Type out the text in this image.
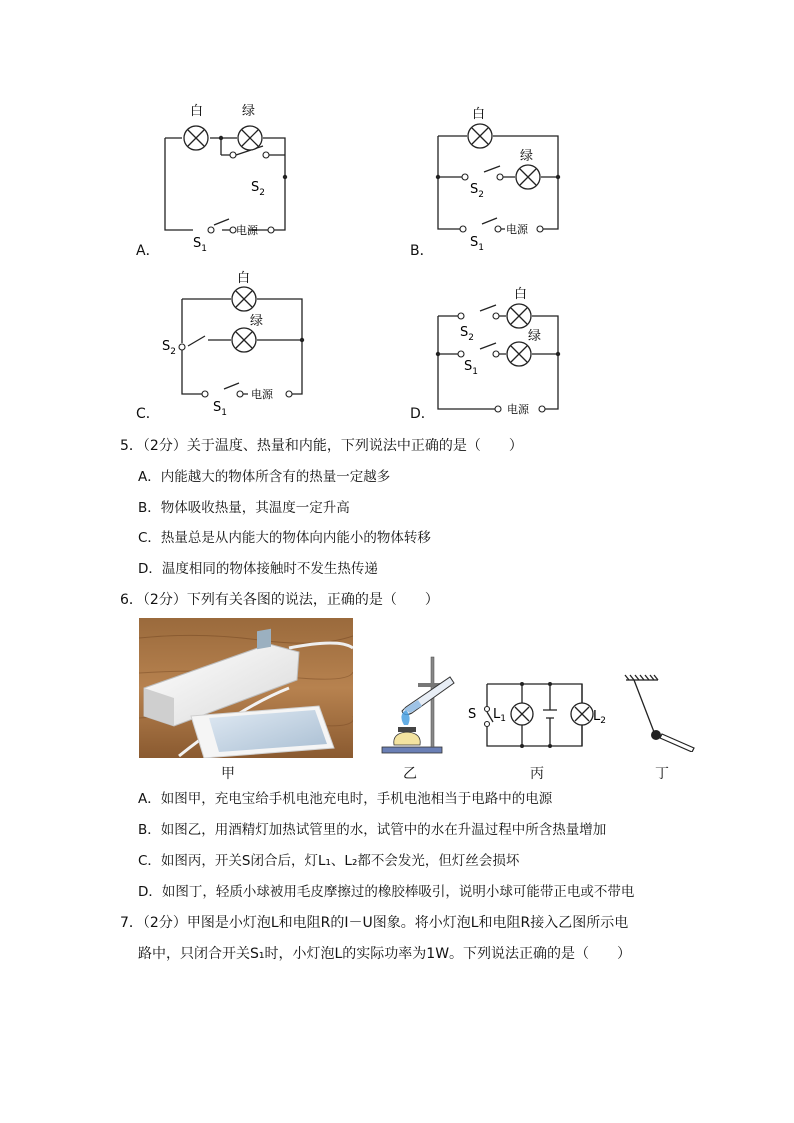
白	绿
$S_2$
$S_1$
电源
A．
白
绿
$S_2$
$S_1$
电源
B．
白
绿
$S_2$
$S_1$
电源
C．
白
绿
$S_2$
$S_1$
电源
D．
5．（2分）关于温度、热量和内能，下列说法中正确的是（　　）
A．内能越大的物体所含有的热量一定越多
B．物体吸收热量，其温度一定升高
C．热量总是从内能大的物体向内能小的物体转移
D．温度相同的物体接触时不发生热传递
6．（2分）下列有关各图的说法，正确的是（　　）
S $L_1$	$L_2$
甲	乙	丙	丁
A．如图甲，充电宝给手机电池充电时，手机电池相当于电路中的电源
B．如图乙，用酒精灯加热试管里的水，试管中的水在升温过程中所含热量增加
C．如图丙，开关S闭合后，灯L₁、L₂都不会发光，但灯丝会损坏
D．如图丁，轻质小球被用毛皮摩擦过的橡胶棒吸引，说明小球可能带正电或不带电
7．（2分）甲图是小灯泡L和电阻R的I－U图象。将小灯泡L和电阻R接入乙图所示电
路中，只闭合开关S₁时，小灯泡L的实际功率为1W。下列说法正确的是（　　）
